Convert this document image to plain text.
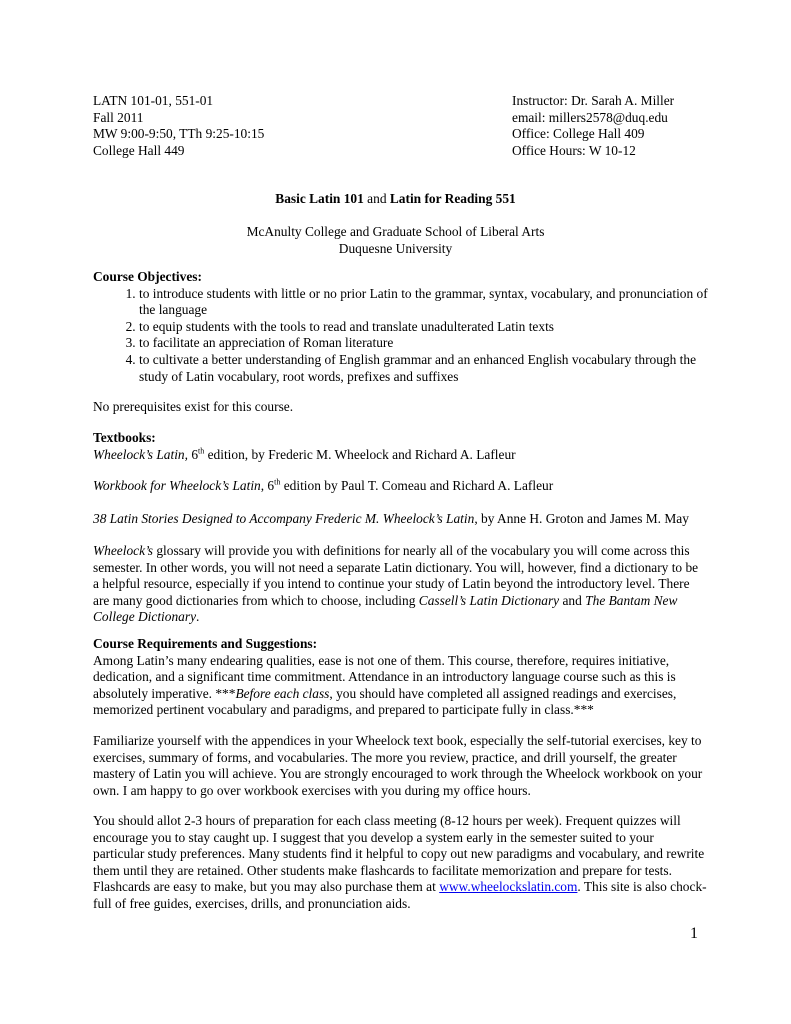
LATN 101-01, 551-01
Fall 2011
MW 9:00-9:50, TTh 9:25-10:15
College Hall 449
Instructor: Dr. Sarah A. Miller
email: millers2578@duq.edu
Office: College Hall 409
Office Hours: W 10-12
Basic Latin 101 and Latin for Reading 551
McAnulty College and Graduate School of Liberal Arts
Duquesne University
Course Objectives:
1. to introduce students with little or no prior Latin to the grammar, syntax, vocabulary, and pronunciation of the language
2. to equip students with the tools to read and translate unadulterated Latin texts
3. to facilitate an appreciation of Roman literature
4. to cultivate a better understanding of English grammar and an enhanced English vocabulary through the study of Latin vocabulary, root words, prefixes and suffixes

No prerequisites exist for this course.

Textbooks:

Wheelock’s Latin, 6th edition, by Frederic M. Wheelock and Richard A. Lafleur

Workbook for Wheelock’s Latin, 6th edition by Paul T. Comeau and Richard A. Lafleur

38 Latin Stories Designed to Accompany Frederic M. Wheelock’s Latin, by Anne H. Groton and James M. May

Wheelock’s glossary will provide you with definitions for nearly all of the vocabulary you will come across this semester. In other words, you will not need a separate Latin dictionary. You will, however, find a dictionary to be a helpful resource, especially if you intend to continue your study of Latin beyond the introductory level. There are many good dictionaries from which to choose, including Cassell’s Latin Dictionary and The Bantam New College Dictionary.

Course Requirements and Suggestions:

Among Latin’s many endearing qualities, ease is not one of them. This course, therefore, requires initiative, dedication, and a significant time commitment. Attendance in an introductory language course such as this is absolutely imperative. ***Before each class, you should have completed all assigned readings and exercises, memorized pertinent vocabulary and paradigms, and prepared to participate fully in class.***

Familiarize yourself with the appendices in your Wheelock text book, especially the self-tutorial exercises, key to exercises, summary of forms, and vocabularies. The more you review, practice, and drill yourself, the greater mastery of Latin you will achieve. You are strongly encouraged to work through the Wheelock workbook on your own. I am happy to go over workbook exercises with you during my office hours.

You should allot 2-3 hours of preparation for each class meeting (8-12 hours per week). Frequent quizzes will encourage you to stay caught up. I suggest that you develop a system early in the semester suited to your particular study preferences. Many students find it helpful to copy out new paradigms and vocabulary, and rewrite them until they are retained. Other students make flashcards to facilitate memorization and prepare for tests. Flashcards are easy to make, but you may also purchase them at www.wheelockslatin.com. This site is also chock-full of free guides, exercises, drills, and pronunciation aids.

1
